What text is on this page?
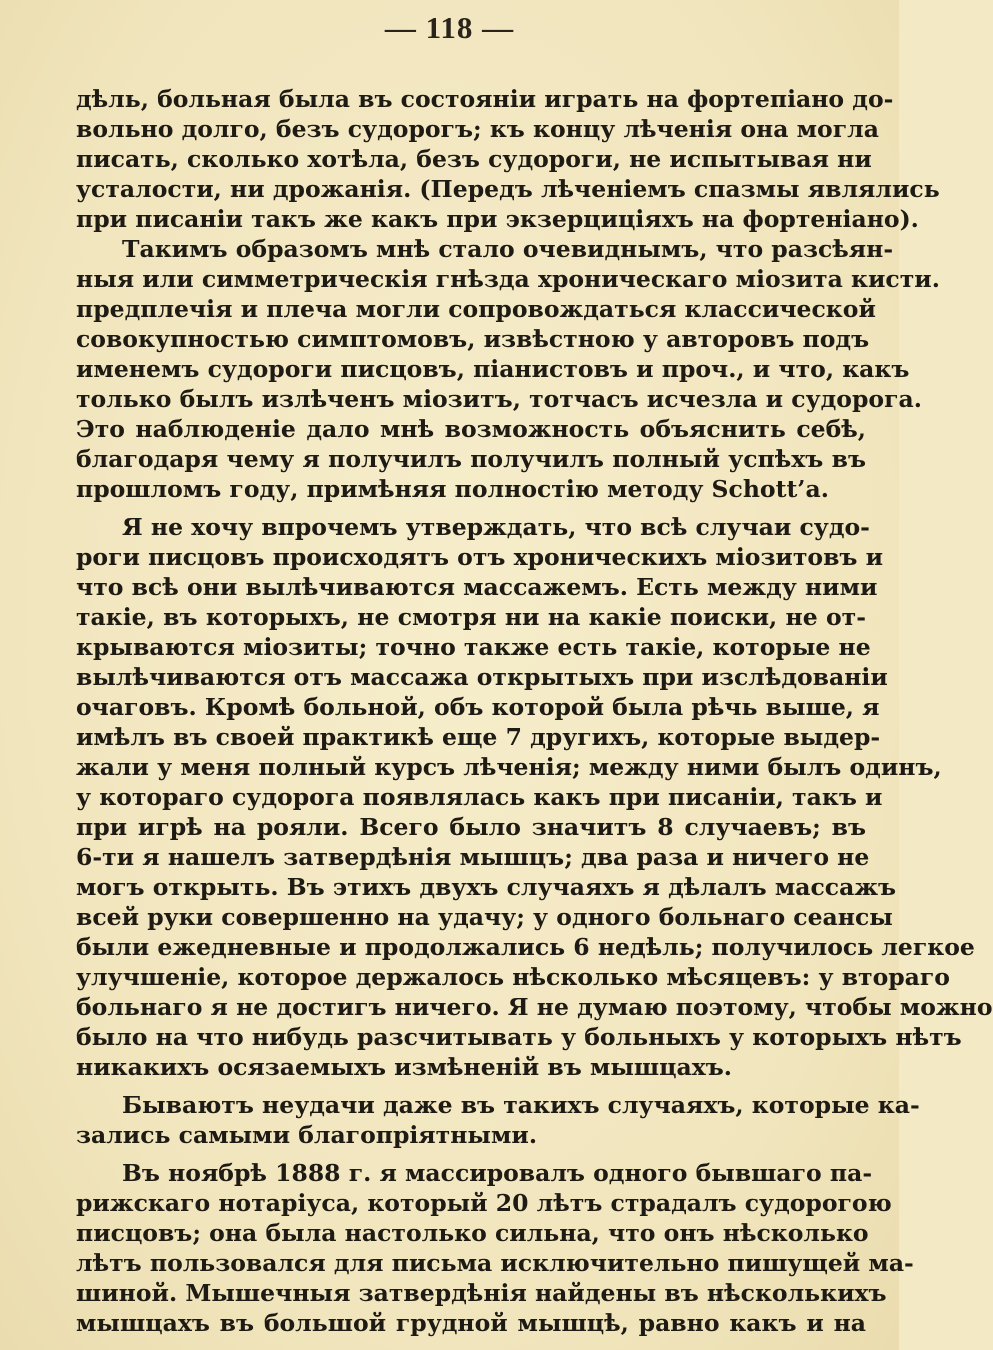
— 118 —
дѣль, больная была въ состояніи играть на фортепіано до-
вольно долго, безъ судорогъ; къ концу лѣченія она могла
писать, сколько хотѣла, безъ судороги, не испытывая ни
усталости, ни дрожанія. (Передъ лѣченіемъ спазмы являлись
при писаніи такъ же какъ при экзерциціяхъ на фортеніано).
Такимъ образомъ мнѣ стало очевиднымъ, что разсѣян-
ныя или симметрическія гнѣзда хроническаго міозита кисти.
предплечія и плеча могли сопровождаться классической
совокупностью симптомовъ, извѣстною у авторовъ подъ
именемъ судороги писцовъ, піанистовъ и проч., и что, какъ
только былъ излѣченъ міозитъ, тотчасъ исчезла и судорога.
Это наблюденіе дало мнѣ возможность объяснить себѣ,
благодаря чему я получилъ получилъ полный успѣхъ въ
прошломъ году, примѣняя полностію методу Schott’a.
Я не хочу впрочемъ утверждать, что всѣ случаи судо-
роги писцовъ происходятъ отъ хроническихъ міозитовъ и
что всѣ они вылѣчиваются массажемъ. Есть между ними
такіе, въ которыхъ, не смотря ни на какіе поиски, не от-
крываются міозиты; точно также есть такіе, которые не
вылѣчиваются отъ массажа открытыхъ при изслѣдованіи
очаговъ. Кромѣ больной, объ которой была рѣчь выше, я
имѣлъ въ своей практикѣ еще 7 другихъ, которые выдер-
жали у меня полный курсъ лѣченія; между ними былъ одинъ,
у котораго судорога появлялась какъ при писаніи, такъ и
при игрѣ на рояли. Всего было значитъ 8 случаевъ; въ
6-ти я нашелъ затвердѣнія мышцъ; два раза и ничего не
могъ открыть. Въ этихъ двухъ случаяхъ я дѣлалъ массажъ
всей руки совершенно на удачу; у одного больнаго сеансы
были ежедневные и продолжались 6 недѣль; получилось легкое
улучшеніе, которое держалось нѣсколько мѣсяцевъ: у втораго
больнаго я не достигъ ничего. Я не думаю поэтому, чтобы можно
было на что нибудь разсчитывать у больныхъ у которыхъ нѣтъ
никакихъ осязаемыхъ измѣненій въ мышцахъ.
Бываютъ неудачи даже въ такихъ случаяхъ, которые ка-
зались самыми благопріятными.
Въ ноябрѣ 1888 г. я массировалъ одного бывшаго па-
рижскаго нотаріуса, который 20 лѣтъ страдалъ судорогою
писцовъ; она была настолько сильна, что онъ нѣсколько
лѣтъ пользовался для письма исключительно пишущей ма-
шиной. Мышечныя затвердѣнія найдены въ нѣсколькихъ
мышцахъ въ большой грудной мышцѣ, равно какъ и на
